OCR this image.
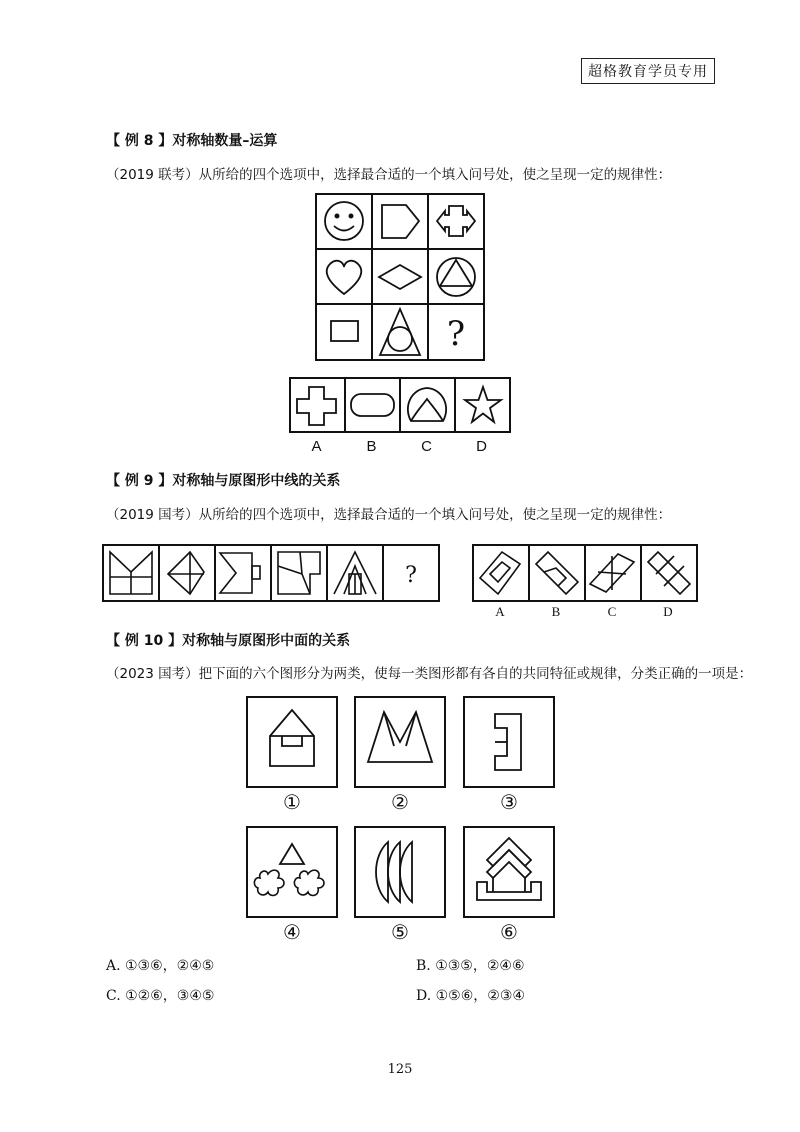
超格教育学员专用
【 例 8 】对称轴数量–运算
（2019 联考）从所给的四个选项中，选择最合适的一个填入问号处，使之呈现一定的规律性：
?
A	B	C	D
【 例 9 】对称轴与原图形中线的关系
（2019 国考）从所给的四个选项中，选择最合适的一个填入问号处，使之呈现一定的规律性：
?
A	B	C	D
【 例 10 】对称轴与原图形中面的关系
（2023 国考）把下面的六个图形分为两类，使每一类图形都有各自的共同特征或规律，分类正确的一项是：
①	②	③
④	⑤	⑥
A. ①③⑥，②④⑤	B. ①③⑤，②④⑥
C. ①②⑥，③④⑤	D. ①⑤⑥，②③④
125
